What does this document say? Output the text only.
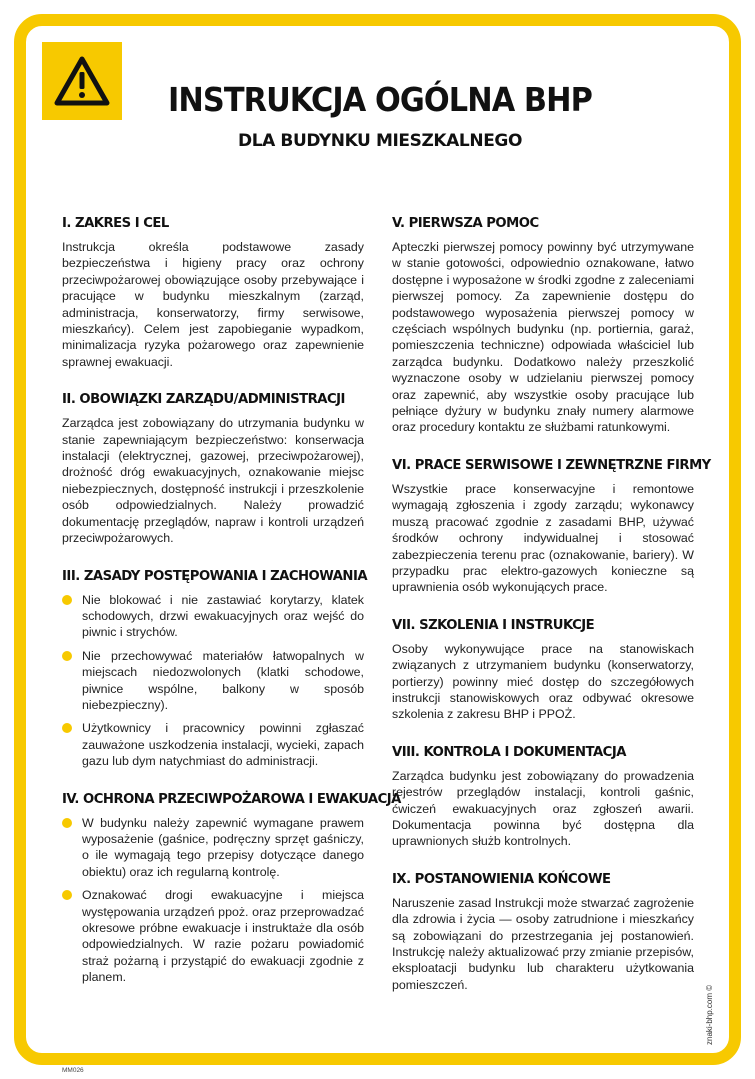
INSTRUKCJA OGÓLNA BHP
DLA BUDYNKU MIESZKALNEGO
I. ZAKRES I CEL

Instrukcja określa podstawowe zasady bezpieczeństwa i higieny pracy oraz ochrony przeciwpożarowej obowiązujące osoby przebywające i pracujące w budynku mieszkalnym (zarząd, administracja, konserwatorzy, firmy serwisowe, mieszkańcy). Celem jest zapobieganie wypadkom, minimalizacja ryzyka pożarowego oraz zapewnienie sprawnej ewakuacji.

II. OBOWIĄZKI ZARZĄDU/ADMINISTRACJI

Zarządca jest zobowiązany do utrzymania budynku w stanie zapewniającym bezpieczeństwo: konserwacja instalacji (elektrycznej, gazowej, przeciwpożarowej), drożność dróg ewakuacyjnych, oznakowanie miejsc niebezpiecznych, dostępność instrukcji i przeszkolenie osób odpowiedzialnych. Należy prowadzić dokumentację przeglądów, napraw i kontroli urządzeń przeciwpożarowych.

III. ZASADY POSTĘPOWANIA I ZACHOWANIA
Nie blokować i nie zastawiać korytarzy, klatek schodowych, drzwi ewakuacyjnych oraz wejść do piwnic i strychów.
Nie przechowywać materiałów łatwopalnych w miejscach niedozwolonych (klatki schodowe, piwnice wspólne, balkony w sposób niebezpieczny).
Użytkownicy i pracownicy powinni zgłaszać zauważone uszkodzenia instalacji, wycieki, zapach gazu lub dym natychmiast do administracji.
IV. OCHRONA PRZECIWPOŻAROWA I EWAKUACJA
W budynku należy zapewnić wymagane prawem wyposażenie (gaśnice, podręczny sprzęt gaśniczy, o ile wymagają tego przepisy dotyczące danego obiektu) oraz ich regularną kontrolę.
Oznakować drogi ewakuacyjne i miejsca występowania urządzeń ppoż. oraz przeprowadzać okresowe próbne ewakuacje i instruktaże dla osób odpowiedzialnych. W razie pożaru powiadomić straż pożarną i przystąpić do ewakuacji zgodnie z planem.
V. PIERWSZA POMOC

Apteczki pierwszej pomocy powinny być utrzymywane w stanie gotowości, odpowiednio oznakowane, łatwo dostępne i wyposażone w środki zgodne z zaleceniami pierwszej pomocy. Za zapewnienie dostępu do podstawowego wyposażenia pierwszej pomocy w częściach wspólnych budynku (np. portiernia, garaż, pomieszczenia techniczne) odpowiada właściciel lub zarządca budynku. Dodatkowo należy przeszkolić wyznaczone osoby w udzielaniu pierwszej pomocy oraz zapewnić, aby wszystkie osoby pracujące lub pełniące dyżury w budynku znały numery alarmowe oraz procedury kontaktu ze służbami ratunkowymi.

VI. PRACE SERWISOWE I ZEWNĘTRZNE FIRMY

Wszystkie prace konserwacyjne i remontowe wymagają zgłoszenia i zgody zarządu; wykonawcy muszą pracować zgodnie z zasadami BHP, używać środków ochrony indywidualnej i stosować zabezpieczenia terenu prac (oznakowanie, bariery). W przypadku prac elektro-gazowych konieczne są uprawnienia osób wykonujących prace.

VII. SZKOLENIA I INSTRUKCJE

Osoby wykonywujące prace na stanowiskach związanych z utrzymaniem budynku (konserwatorzy, portierzy) powinny mieć dostęp do szczegółowych instrukcji stanowiskowych oraz odbywać okresowe szkolenia z zakresu BHP i PPOŻ.

VIII. KONTROLA I DOKUMENTACJA

Zarządca budynku jest zobowiązany do prowadzenia rejestrów przeglądów instalacji, kontroli gaśnic, ćwiczeń ewakuacyjnych oraz zgłoszeń awarii. Dokumentacja powinna być dostępna dla uprawnionych służb kontrolnych.

IX. POSTANOWIENIA KOŃCOWE

Naruszenie zasad Instrukcji może stwarzać zagrożenie dla zdrowia i życia — osoby zatrudnione i mieszkańcy są zobowiązani do przestrzegania jej postanowień. Instrukcję należy aktualizować przy zmianie przepisów, eksploatacji budynku lub charakteru użytkowania pomieszczeń.

MM026
znaki-bhp.com ©
